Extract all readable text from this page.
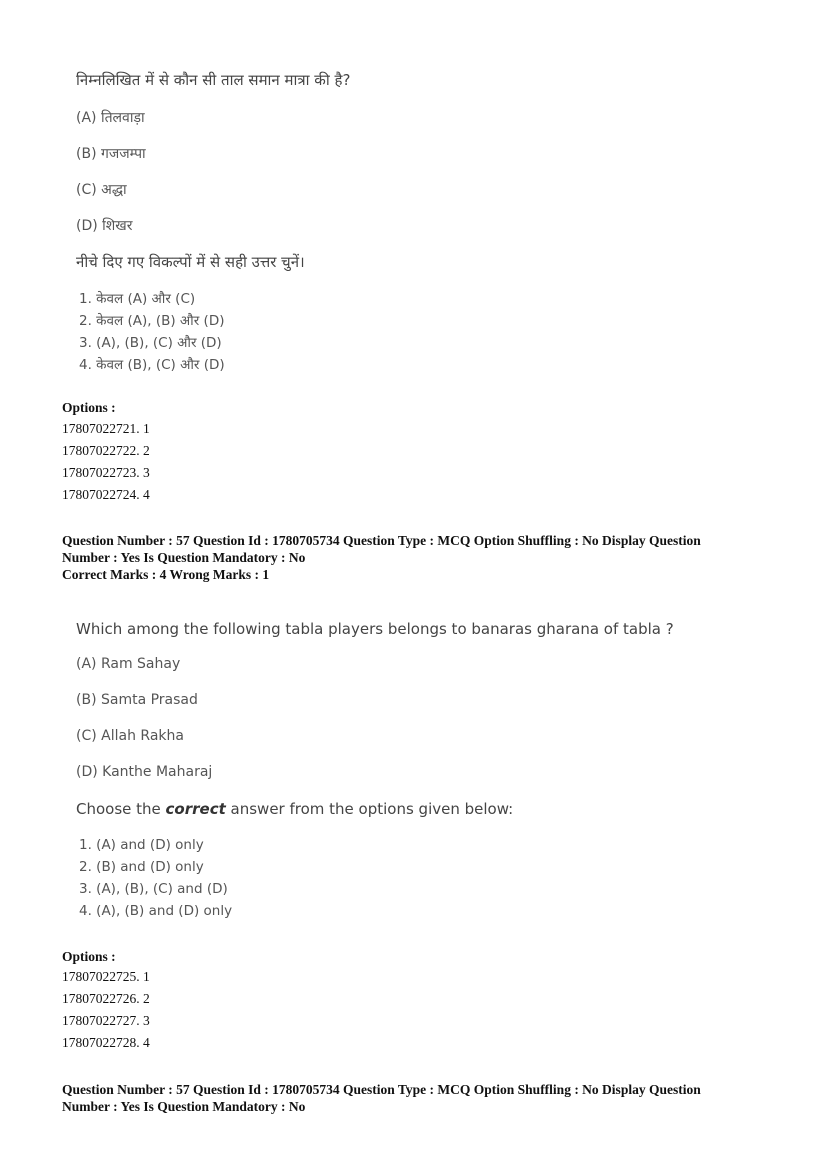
निम्नलिखित में से कौन सी ताल समान मात्रा की है?
(A) तिलवाड़ा
(B) गजजम्पा
(C) अद्धा
(D) शिखर
नीचे दिए गए विकल्पों में से सही उत्तर चुनें।
1. केवल (A) और (C)
2. केवल (A), (B) और (D)
3. (A), (B), (C) और (D)
4. केवल (B), (C) और (D)
Options :
17807022721. 1
17807022722. 2
17807022723. 3
17807022724. 4
Question Number : 57 Question Id : 1780705734 Question Type : MCQ Option Shuffling : No Display Question
Number : Yes Is Question Mandatory : No
Correct Marks : 4 Wrong Marks : 1
Which among the following tabla players belongs to banaras gharana of tabla ?
(A) Ram Sahay
(B) Samta Prasad
(C) Allah Rakha
(D) Kanthe Maharaj
Choose the correct answer from the options given below:
1. (A) and (D) only
2. (B) and (D) only
3. (A), (B), (C) and (D)
4. (A), (B) and (D) only
Options :
17807022725. 1
17807022726. 2
17807022727. 3
17807022728. 4
Question Number : 57 Question Id : 1780705734 Question Type : MCQ Option Shuffling : No Display Question
Number : Yes Is Question Mandatory : No
